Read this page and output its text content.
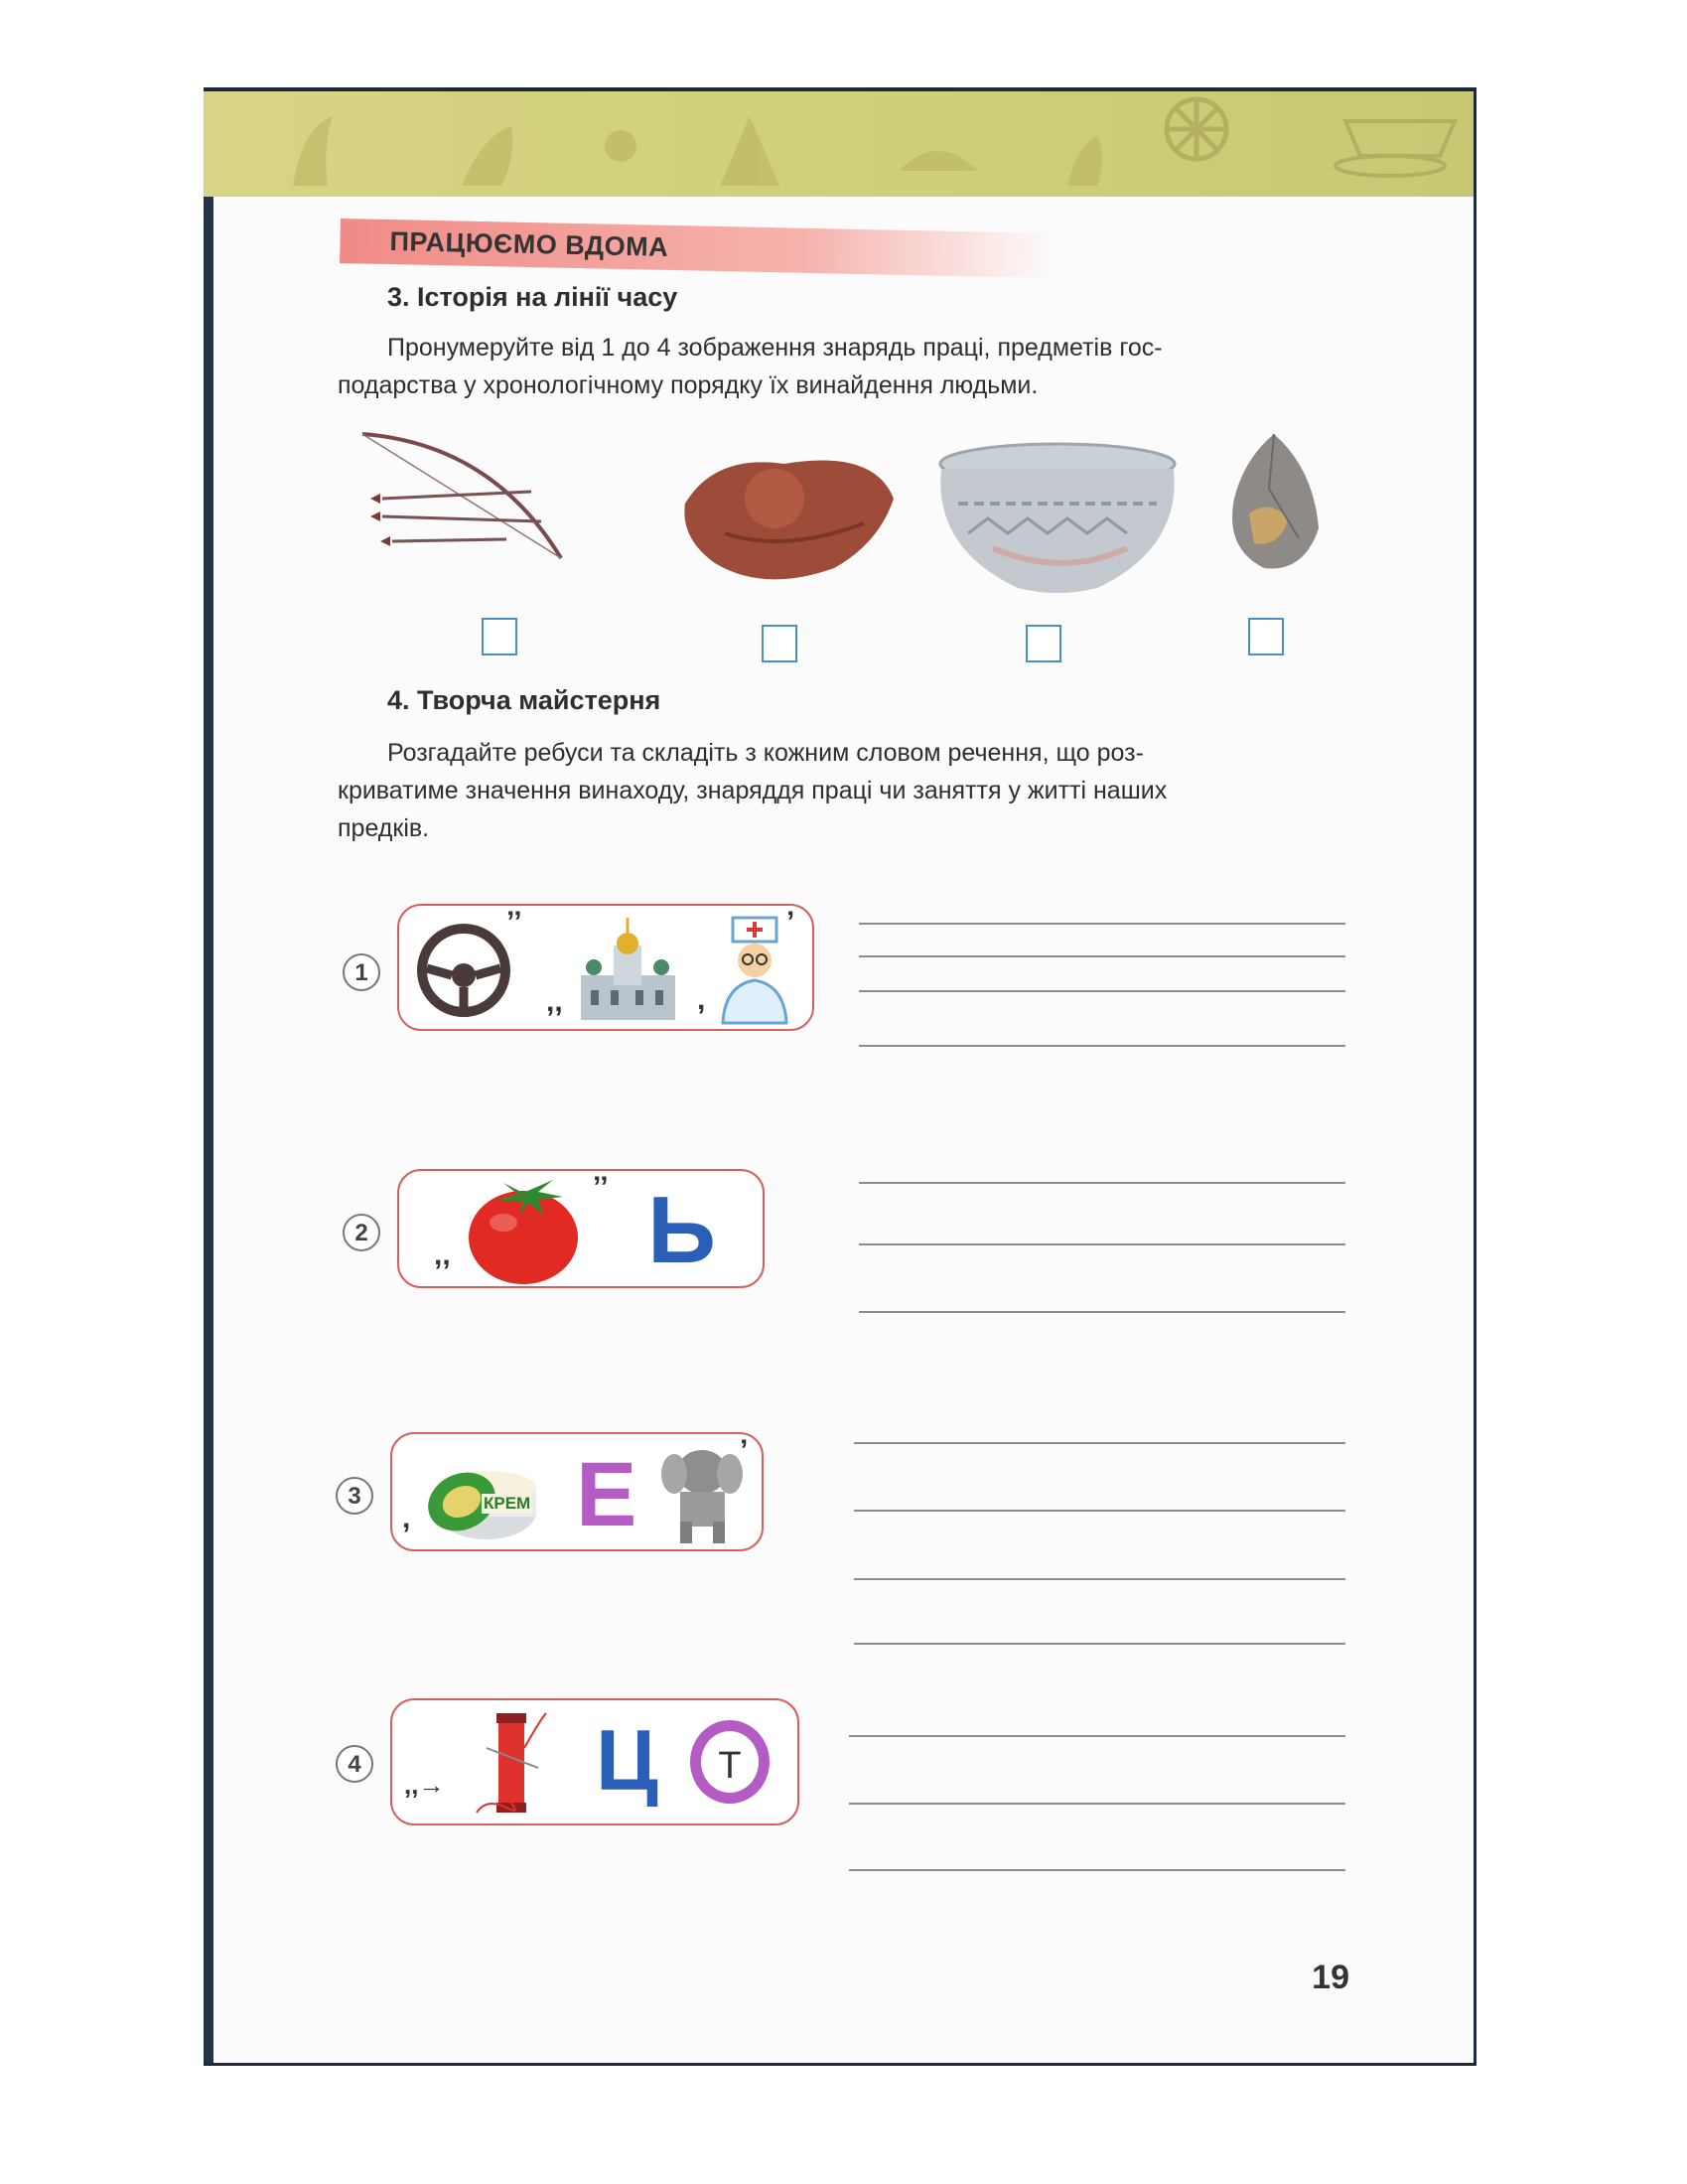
ПРАЦЮЄМО ВДОМА
3. Історія на лінії часу
Пронумеруйте від 1 до 4 зображення знарядь праці, предметів гос-
подарства у хронологічному порядку їх винайдення людьми.
4. Творча майстерня
Розгадайте ребуси та складіть з кожним словом речення, що роз-
криватиме значення винаходу, знаряддя праці чи заняття у житті наших
предків.
1
’’
,,	,
’
2
,,
’’ Ь
3
,	КРЕМ Е	’
4
,,→ Ц	Т
19
